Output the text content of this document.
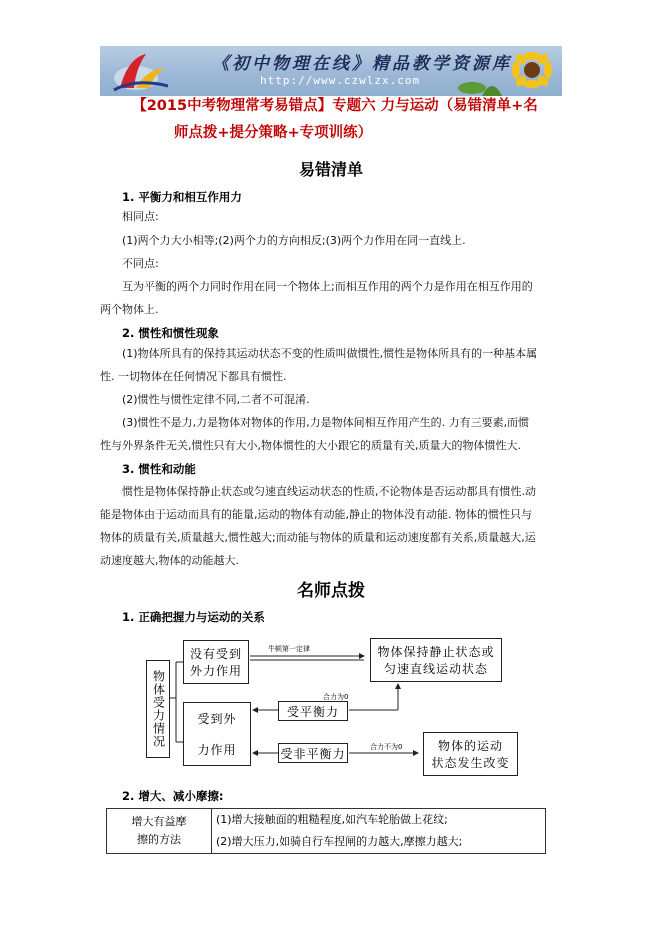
《初中物理在线》精品教学资源库
http://www.czwlzx.com
【2015中考物理常考易错点】专题六 力与运动（易错清单+名
师点拨+提分策略+专项训练）
易错清单
1. 平衡力和相互作用力
相同点:
(1)两个力大小相等;(2)两个力的方向相反;(3)两个力作用在同一直线上.
不同点:
互为平衡的两个力同时作用在同一个物体上;而相互作用的两个力是作用在相互作用的
两个物体上.
2. 惯性和惯性现象
(1)物体所具有的保持其运动状态不变的性质叫做惯性,惯性是物体所具有的一种基本属
性. 一切物体在任何情况下都具有惯性.
(2)惯性与惯性定律不同,二者不可混淆.
(3)惯性不是力,力是物体对物体的作用,力是物体间相互作用产生的. 力有三要素,而惯
性与外界条件无关,惯性只有大小,物体惯性的大小跟它的质量有关,质量大的物体惯性大.
3. 惯性和动能
惯性是物体保持静止状态或匀速直线运动状态的性质,不论物体是否运动都具有惯性.动
能是物体由于运动而具有的能量,运动的物体有动能,静止的物体没有动能. 物体的惯性只与
物体的质量有关,质量越大,惯性越大;而动能与物体的质量和运动速度都有关系,质量越大,运
动速度越大,物体的动能越大.
名师点拨
1. 正确把握力与运动的关系
物体受力情况
没有受到
外力作用
牛顿第一定律	物体保持静止状态或
匀速直线运动状态
受到外
力作用
合力为0
受平衡力
受非平衡力	合力不为0	物体的运动
状态发生改变
2. 增大、减小摩擦:
增大有益摩
擦的方法
	(1)增大接触面的粗糙程度,如汽车轮胎做上花纹;
(2)增大压力,如骑自行车捏闸的力越大,摩擦力越大;
